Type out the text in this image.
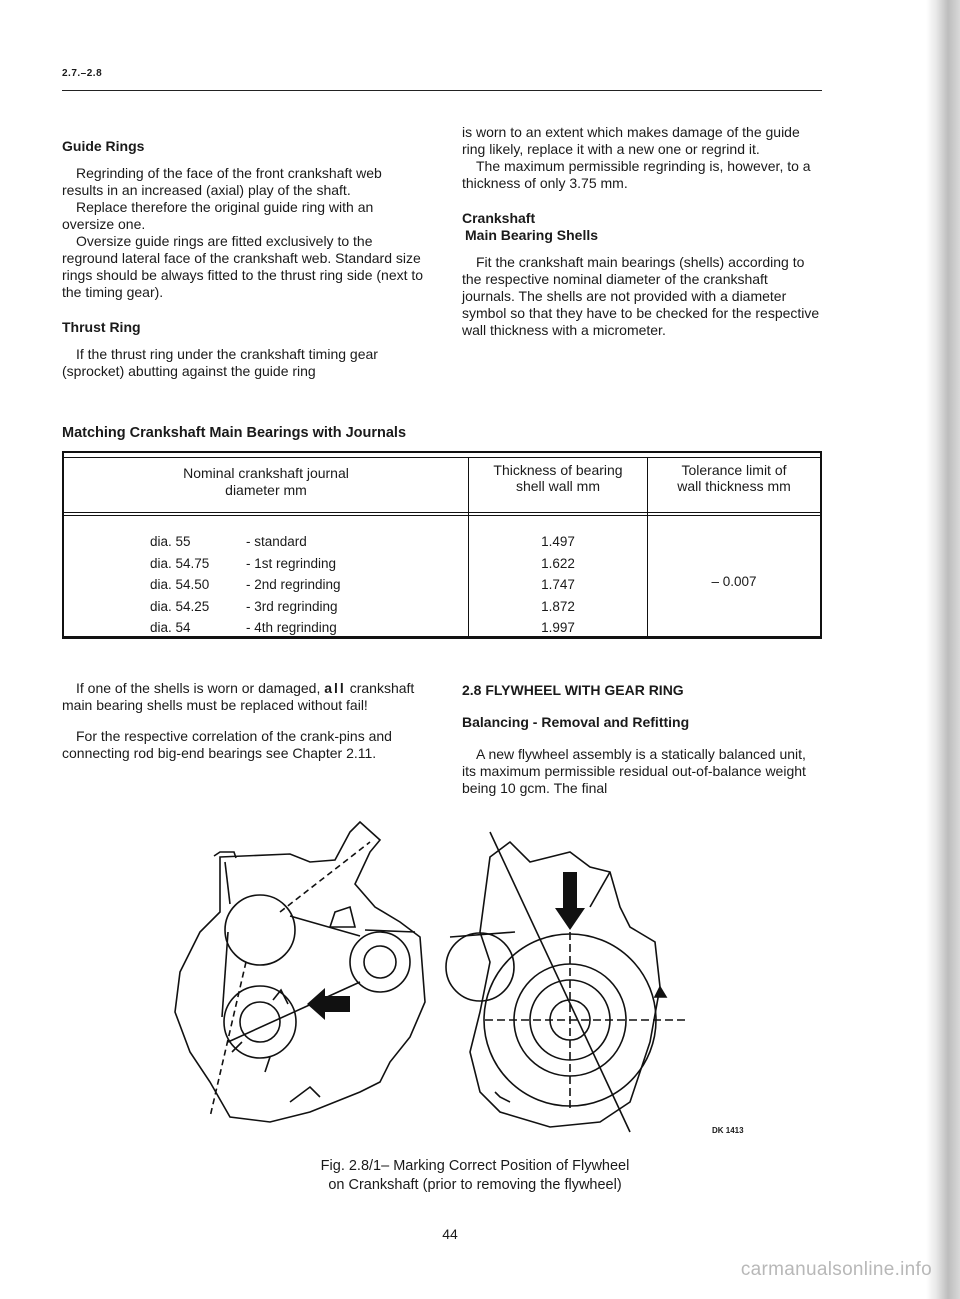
2.7.–2.8

Guide Rings

Regrinding of the face of the front crankshaft web results in an increased (axial) play of the shaft.

Replace therefore the original guide ring with an oversize one.

Oversize guide rings are fitted exclusively to the reground lateral face of the crankshaft web. Standard size rings should be always fitted to the thrust ring side (next to the timing gear).

Thrust Ring

If the thrust ring under the crankshaft timing gear (sprocket) abutting against the guide ring

is worn to an extent which makes damage of the guide ring likely, replace it with a new one or regrind it.

The maximum permissible regrinding is, however, to a thickness of only 3.75 mm.

Crankshaft

Main Bearing Shells

Fit the crankshaft main bearings (shells) according to the respective nominal diameter of the crankshaft journals. The shells are not provided with a diameter symbol so that they have to be checked for the respective wall thickness with a micrometer.

Matching Crankshaft Main Bearings with Journals
Nominal crankshaft journal diameter mm
Thickness of bearing shell wall mm
Tolerance limit of wall thickness mm
dia. 55
dia. 54.75
dia. 54.50
dia. 54.25
dia. 54
- standard
- 1st regrinding
- 2nd regrinding
- 3rd regrinding
- 4th regrinding
1.497
1.622
1.747
1.872
1.997
– 0.007

If one of the shells is worn or damaged, all crankshaft main bearing shells must be replaced without fail!

For the respective correlation of the crank-pins and connecting rod big-end bearings see Chapter 2.11.

2.8 FLYWHEEL WITH GEAR RING

Balancing - Removal and Refitting

A new flywheel assembly is a statically balanced unit, its maximum permissible residual out-of-balance weight being 10 gcm. The final

DK 1413
Fig. 2.8/1– Marking Correct Position of Flywheel
on Crankshaft (prior to removing the flywheel)
44
carmanualsonline.info
